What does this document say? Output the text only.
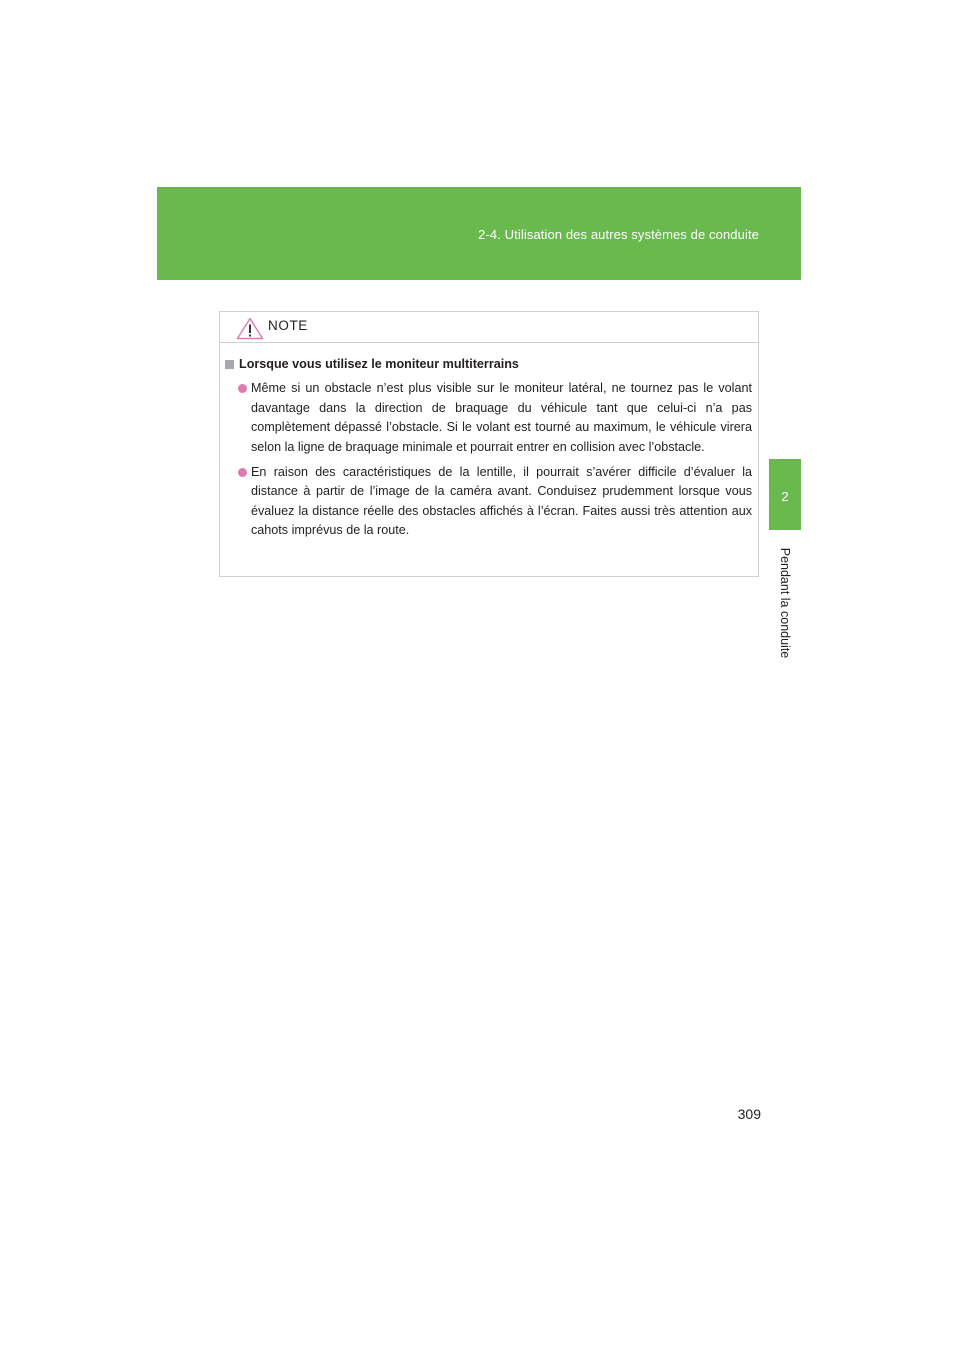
2-4. Utilisation des autres systèmes de conduite
2
Pendant la conduite
NOTE
Lorsque vous utilisez le moniteur multiterrains
Même si un obstacle n’est plus visible sur le moniteur latéral, ne tournez pas le volant davantage dans la direction de braquage du véhicule tant que celui-ci n’a pas complètement dépassé l’obstacle. Si le volant est tourné au maximum, le véhicule virera selon la ligne de braquage minimale et pourrait entrer en collision avec l’obstacle.
En raison des caractéristiques de la lentille, il pourrait s’avérer difficile d’évaluer la distance à partir de l’image de la caméra avant. Conduisez prudemment lorsque vous évaluez la distance réelle des obstacles affichés à l’écran. Faites aussi très attention aux cahots imprévus de la route.
309
